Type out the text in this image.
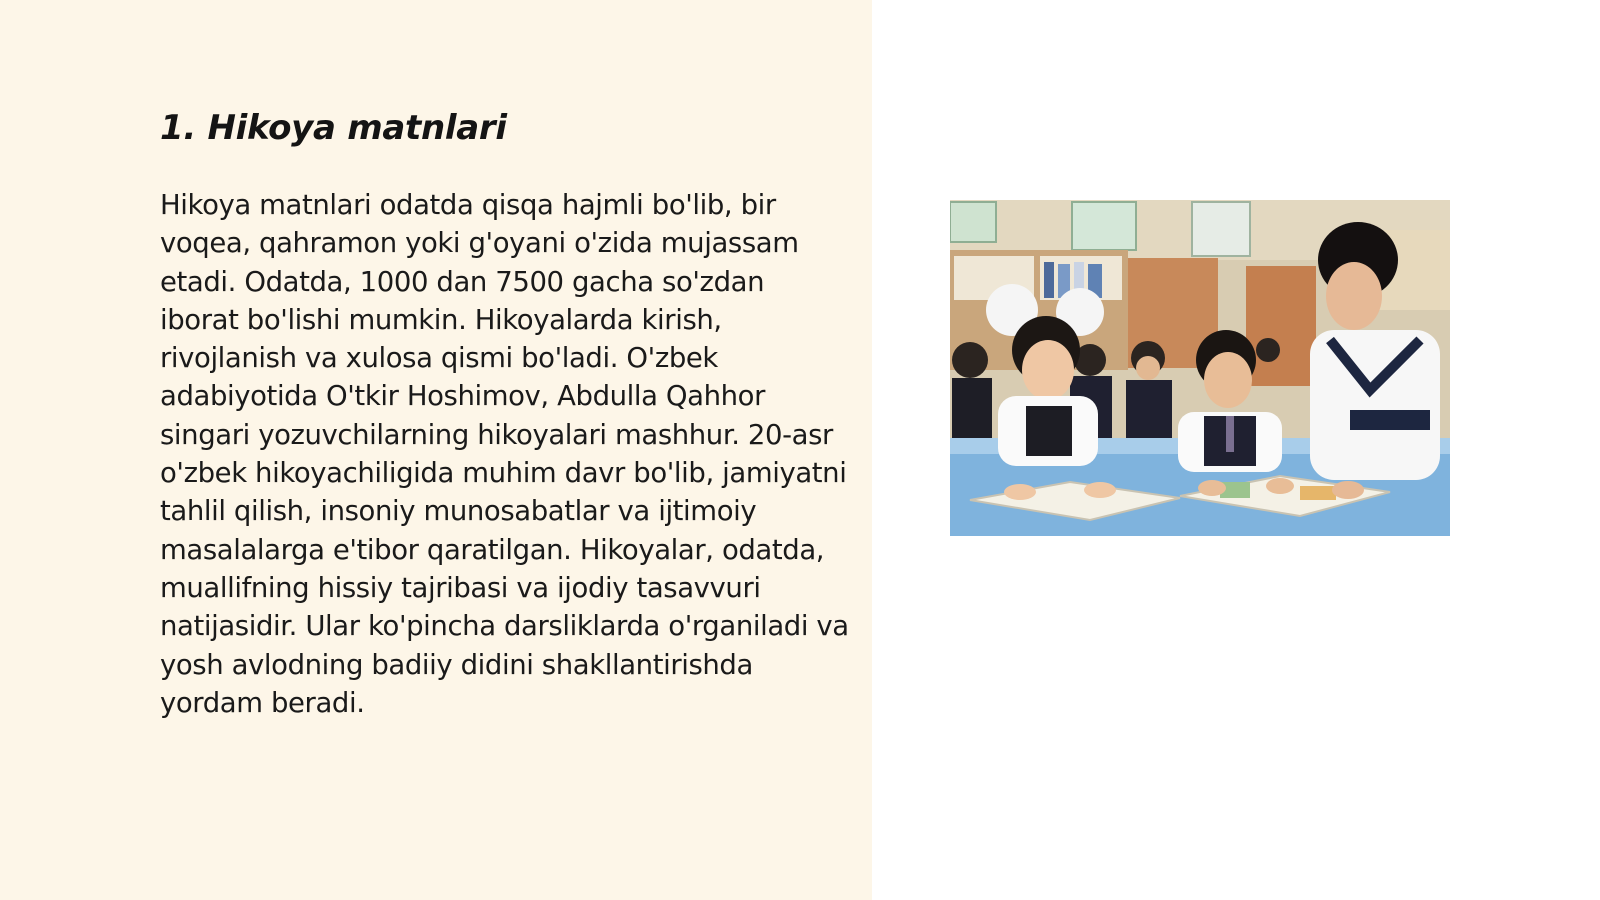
1. Hikoya matnlari

Hikoya matnlari odatda qisqa hajmli bo'lib, bir voqea, qahramon yoki g'oyani o'zida mujassam etadi. Odatda, 1000 dan 7500 gacha so'zdan iborat bo'lishi mumkin. Hikoyalarda kirish, rivojlanish va xulosa qismi bo'ladi. O'zbek adabiyotida O'tkir Hoshimov, Abdulla Qahhor singari yozuvchilarning hikoyalari mashhur. 20-asr o'zbek hikoyachiligida muhim davr bo'lib, jamiyatni tahlil qilish, insoniy munosabatlar va ijtimoiy masalalarga e'tibor qaratilgan. Hikoyalar, odatda, muallifning hissiy tajribasi va ijodiy tasavvuri natijasidir. Ular ko'pincha darsliklarda o'rganiladi va yosh avlodning badiiy didini shakllantirishda yordam beradi.
